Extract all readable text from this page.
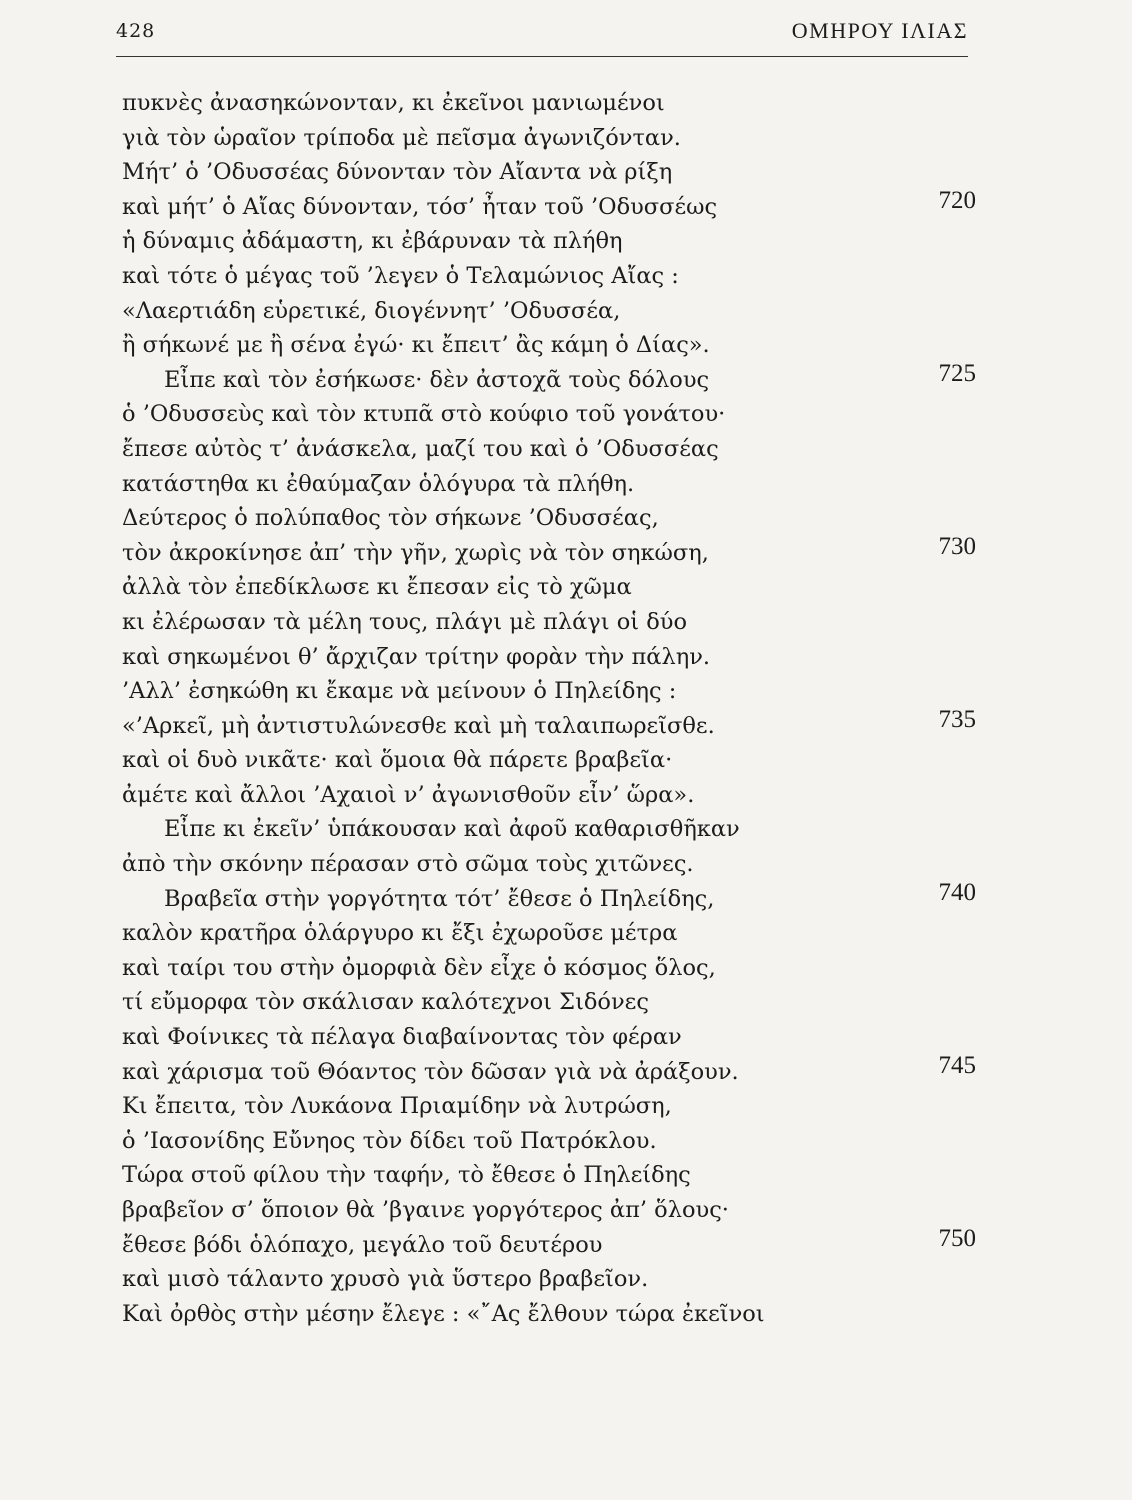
428	ΟΜΗΡΟΥ ΙΛΙΑΣ
πυκνὲς ἀνασηκώνονταν, κι ἐκεῖνοι μανιωμένοι
γιὰ τὸν ὡραῖον τρίποδα μὲ πεῖσμα ἀγωνιζόνταν.
Μήτ’ ὁ ’Οδυσσέας δύνονταν τὸν Αἴαντα νὰ ρίξη
καὶ μήτ’ ὁ Αἴας δύνονταν, τόσ’ ἦταν τοῦ ’Οδυσσέως	720
ἡ δύναμις ἀδάμαστη, κι ἐβάρυναν τὰ πλήθη
καὶ τότε ὁ μέγας τοῦ ’λεγεν ὁ Τελαμώνιος Αἴας :
«Λαερτιάδη εὑρετικέ, διογέννητ’ ’Οδυσσέα,
ἢ σήκωνέ με ἢ σένα ἐγώ· κι ἔπειτ’ ἂς κάμη ὁ Δίας».
Εἶπε καὶ τὸν ἐσήκωσε· δὲν ἀστοχᾶ τοὺς δόλους	725
ὁ ’Οδυσσεὺς καὶ τὸν κτυπᾶ στὸ κούφιο τοῦ γονάτου·
ἔπεσε αὐτὸς τ’ ἀνάσκελα, μαζί του καὶ ὁ ’Οδυσσέας
κατάστηθα κι ἐθαύμαζαν ὁλόγυρα τὰ πλήθη.
Δεύτερος ὁ πολύπαθος τὸν σήκωνε ’Οδυσσέας,
τὸν ἀκροκίνησε ἀπ’ τὴν γῆν, χωρὶς νὰ τὸν σηκώση,	730
ἀλλὰ τὸν ἐπεδίκλωσε κι ἔπεσαν εἰς τὸ χῶμα
κι ἐλέρωσαν τὰ μέλη τους, πλάγι μὲ πλάγι οἱ δύο
καὶ σηκωμένοι θ’ ἄρχιζαν τρίτην φορὰν τὴν πάλην.
’Αλλ’ ἐσηκώθη κι ἔκαμε νὰ μείνουν ὁ Πηλείδης :
«’Αρκεῖ, μὴ ἀντιστυλώνεσθε καὶ μὴ ταλαιπωρεῖσθε.	735
καὶ οἱ δυὸ νικᾶτε· καὶ ὅμοια θὰ πάρετε βραβεῖα·
ἀμέτε καὶ ἄλλοι ’Αχαιοὶ ν’ ἀγωνισθοῦν εἶν’ ὥρα».
Εἶπε κι ἐκεῖν’ ὑπάκουσαν καὶ ἀφοῦ καθαρισθῆκαν
ἀπὸ τὴν σκόνην πέρασαν στὸ σῶμα τοὺς χιτῶνες.
Βραβεῖα στὴν γοργότητα τότ’ ἔθεσε ὁ Πηλείδης,	740
καλὸν κρατῆρα ὁλάργυρο κι ἔξι ἐχωροῦσε μέτρα
καὶ ταίρι του στὴν ὀμορφιὰ δὲν εἶχε ὁ κόσμος ὅλος,
τί εὔμορφα τὸν σκάλισαν καλότεχνοι Σιδόνες
καὶ Φοίνικες τὰ πέλαγα διαβαίνοντας τὸν φέραν
καὶ χάρισμα τοῦ Θόαντος τὸν δῶσαν γιὰ νὰ ἀράξουν.	745
Κι ἔπειτα, τὸν Λυκάονα Πριαμίδην νὰ λυτρώση,
ὁ ’Ιασονίδης Εὔνηος τὸν δίδει τοῦ Πατρόκλου.
Τώρα στοῦ φίλου τὴν ταφήν, τὸ ἔθεσε ὁ Πηλείδης
βραβεῖον σ’ ὅποιον θὰ ’βγαινε γοργότερος ἀπ’ ὅλους·
ἔθεσε βόδι ὁλόπαχο, μεγάλο τοῦ δευτέρου	750
καὶ μισὸ τάλαντο χρυσὸ γιὰ ὕστερο βραβεῖον.
Καὶ ὀρθὸς στὴν μέσην ἔλεγε : «῎Ας ἔλθουν τώρα ἐκεῖνοι
